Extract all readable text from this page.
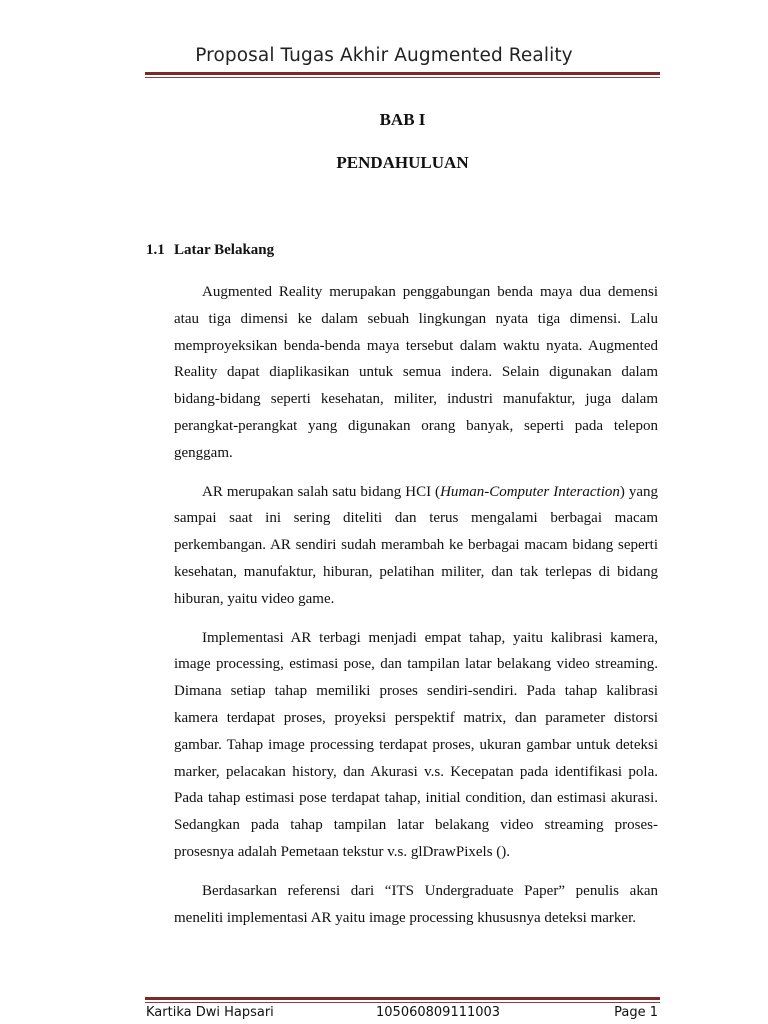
Proposal Tugas Akhir Augmented Reality
BAB I
PENDAHULUAN
1.1 Latar Belakang

Augmented Reality merupakan penggabungan benda maya dua demensi atau tiga dimensi ke dalam sebuah lingkungan nyata tiga dimensi. Lalu memproyeksikan benda-benda maya tersebut dalam waktu nyata. Augmented Reality dapat diaplikasikan untuk semua indera. Selain digunakan dalam bidang-bidang seperti kesehatan, militer, industri manufaktur, juga dalam perangkat-perangkat yang digunakan orang banyak, seperti pada telepon genggam.

AR merupakan salah satu bidang HCI (Human-Computer Interaction) yang sampai saat ini sering diteliti dan terus mengalami berbagai macam perkembangan. AR sendiri sudah merambah ke berbagai macam bidang seperti kesehatan, manufaktur, hiburan, pelatihan militer, dan tak terlepas di bidang hiburan, yaitu video game.

Implementasi AR terbagi menjadi empat tahap, yaitu kalibrasi kamera, image processing, estimasi pose, dan tampilan latar belakang video streaming. Dimana setiap tahap memiliki proses sendiri-sendiri. Pada tahap kalibrasi kamera terdapat proses, proyeksi perspektif matrix, dan parameter distorsi gambar. Tahap image processing terdapat proses, ukuran gambar untuk deteksi marker, pelacakan history, dan Akurasi v.s. Kecepatan pada identifikasi pola. Pada tahap estimasi pose terdapat tahap, initial condition, dan estimasi akurasi. Sedangkan pada tahap tampilan latar belakang video streaming proses-prosesnya adalah Pemetaan tekstur v.s. glDrawPixels ().

Berdasarkan referensi dari “ITS Undergraduate Paper” penulis akan meneliti implementasi AR yaitu image processing khususnya deteksi marker.

Kartika Dwi Hapsari	105060809111003	Page 1
